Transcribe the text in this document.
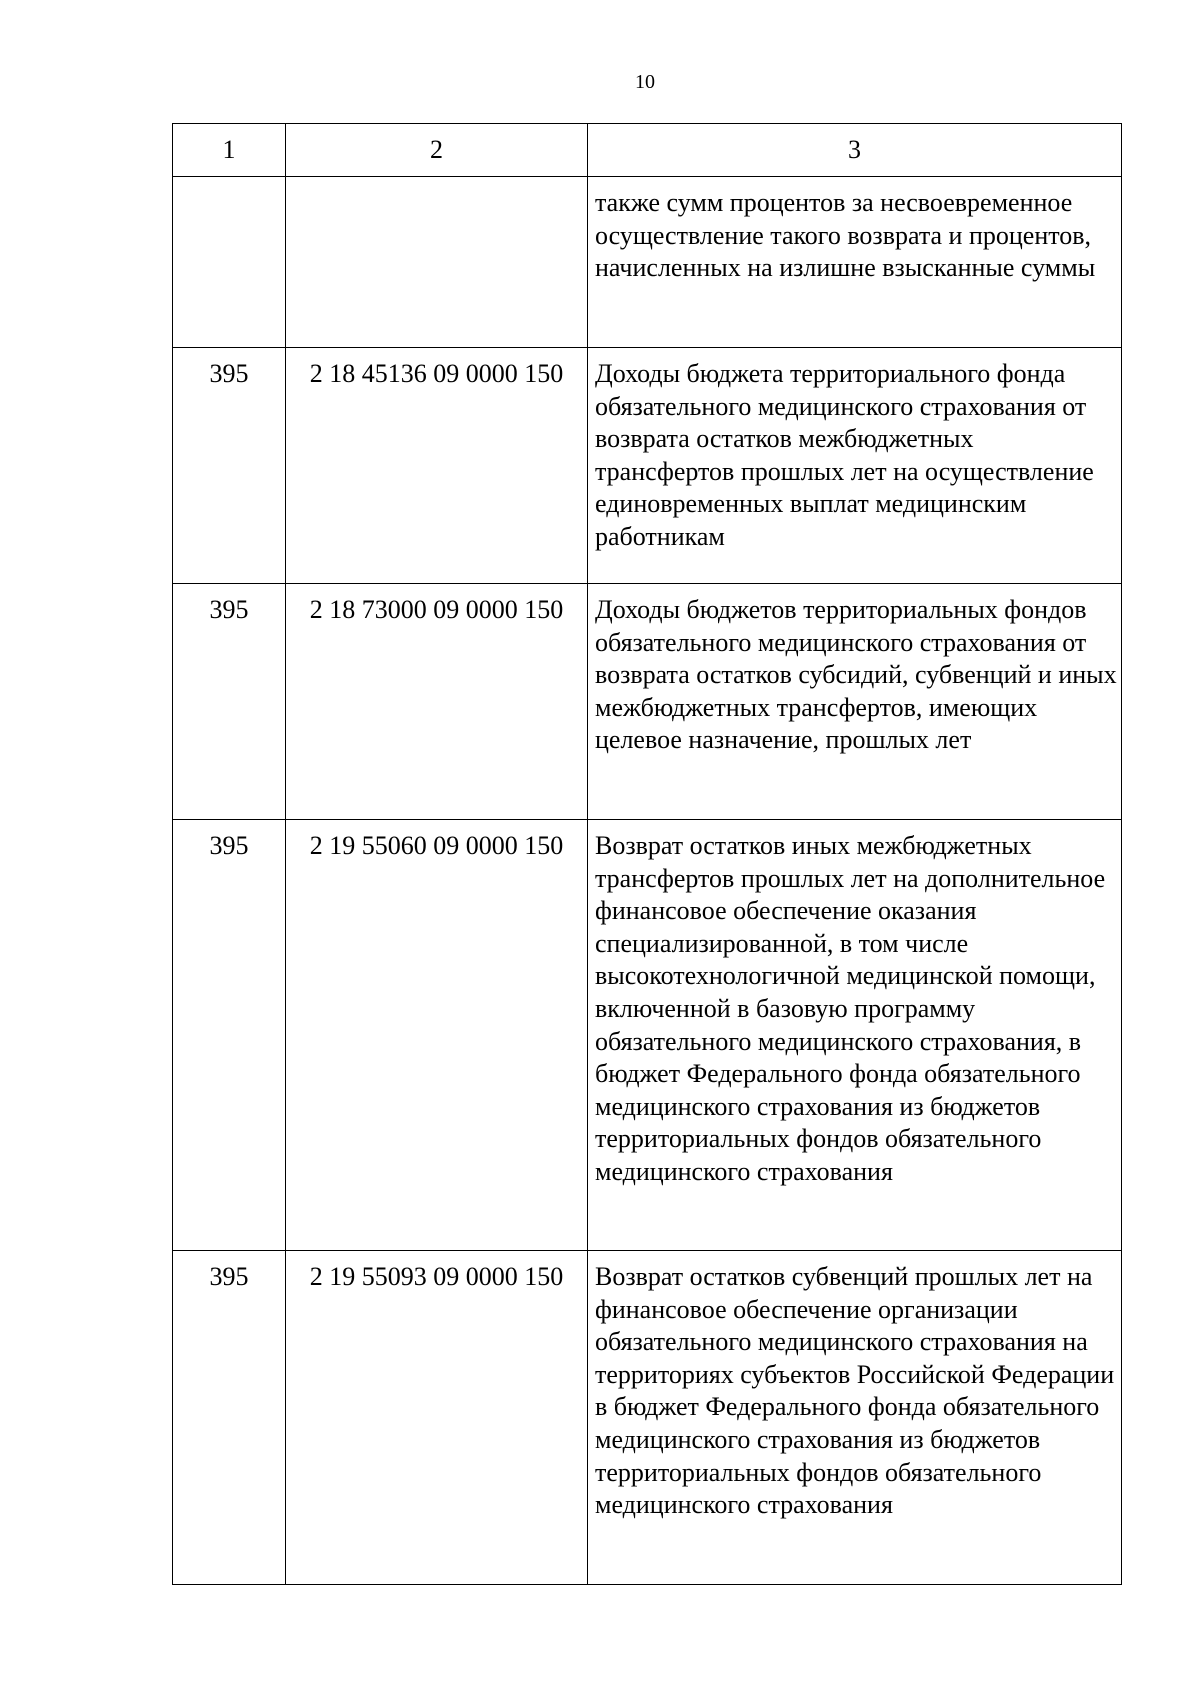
10
1	2	3
		также сумм процентов за несвоевременное осуществление такого возврата и процентов, начисленных на излишне взысканные суммы
395	2 18 45136 09 0000 150	Доходы бюджета территориального фонда обязательного медицинского страхования от возврата остатков межбюджетных трансфертов прошлых лет на осуществление единовременных выплат медицинским работникам
395	2 18 73000 09 0000 150	Доходы бюджетов территориальных фондов обязательного медицинского страхования от возврата остатков субсидий, субвенций и иных межбюджетных трансфертов, имеющих целевое назначение, прошлых лет
395	2 19 55060 09 0000 150	Возврат остатков иных межбюджетных трансфертов прошлых лет на дополнительное финансовое обеспечение оказания специализированной, в том числе высокотехнологичной медицинской помощи, включенной в базовую программу обязательного медицинского страхования, в бюджет Федерального фонда обязательного медицинского страхования из бюджетов территориальных фондов обязательного медицинского страхования
395	2 19 55093 09 0000 150	Возврат остатков субвенций прошлых лет на финансовое обеспечение организации обязательного медицинского страхования на территориях субъектов Российской Федерации в бюджет Федерального фонда обязательного медицинского страхования из бюджетов территориальных фондов обязательного медицинского страхования
